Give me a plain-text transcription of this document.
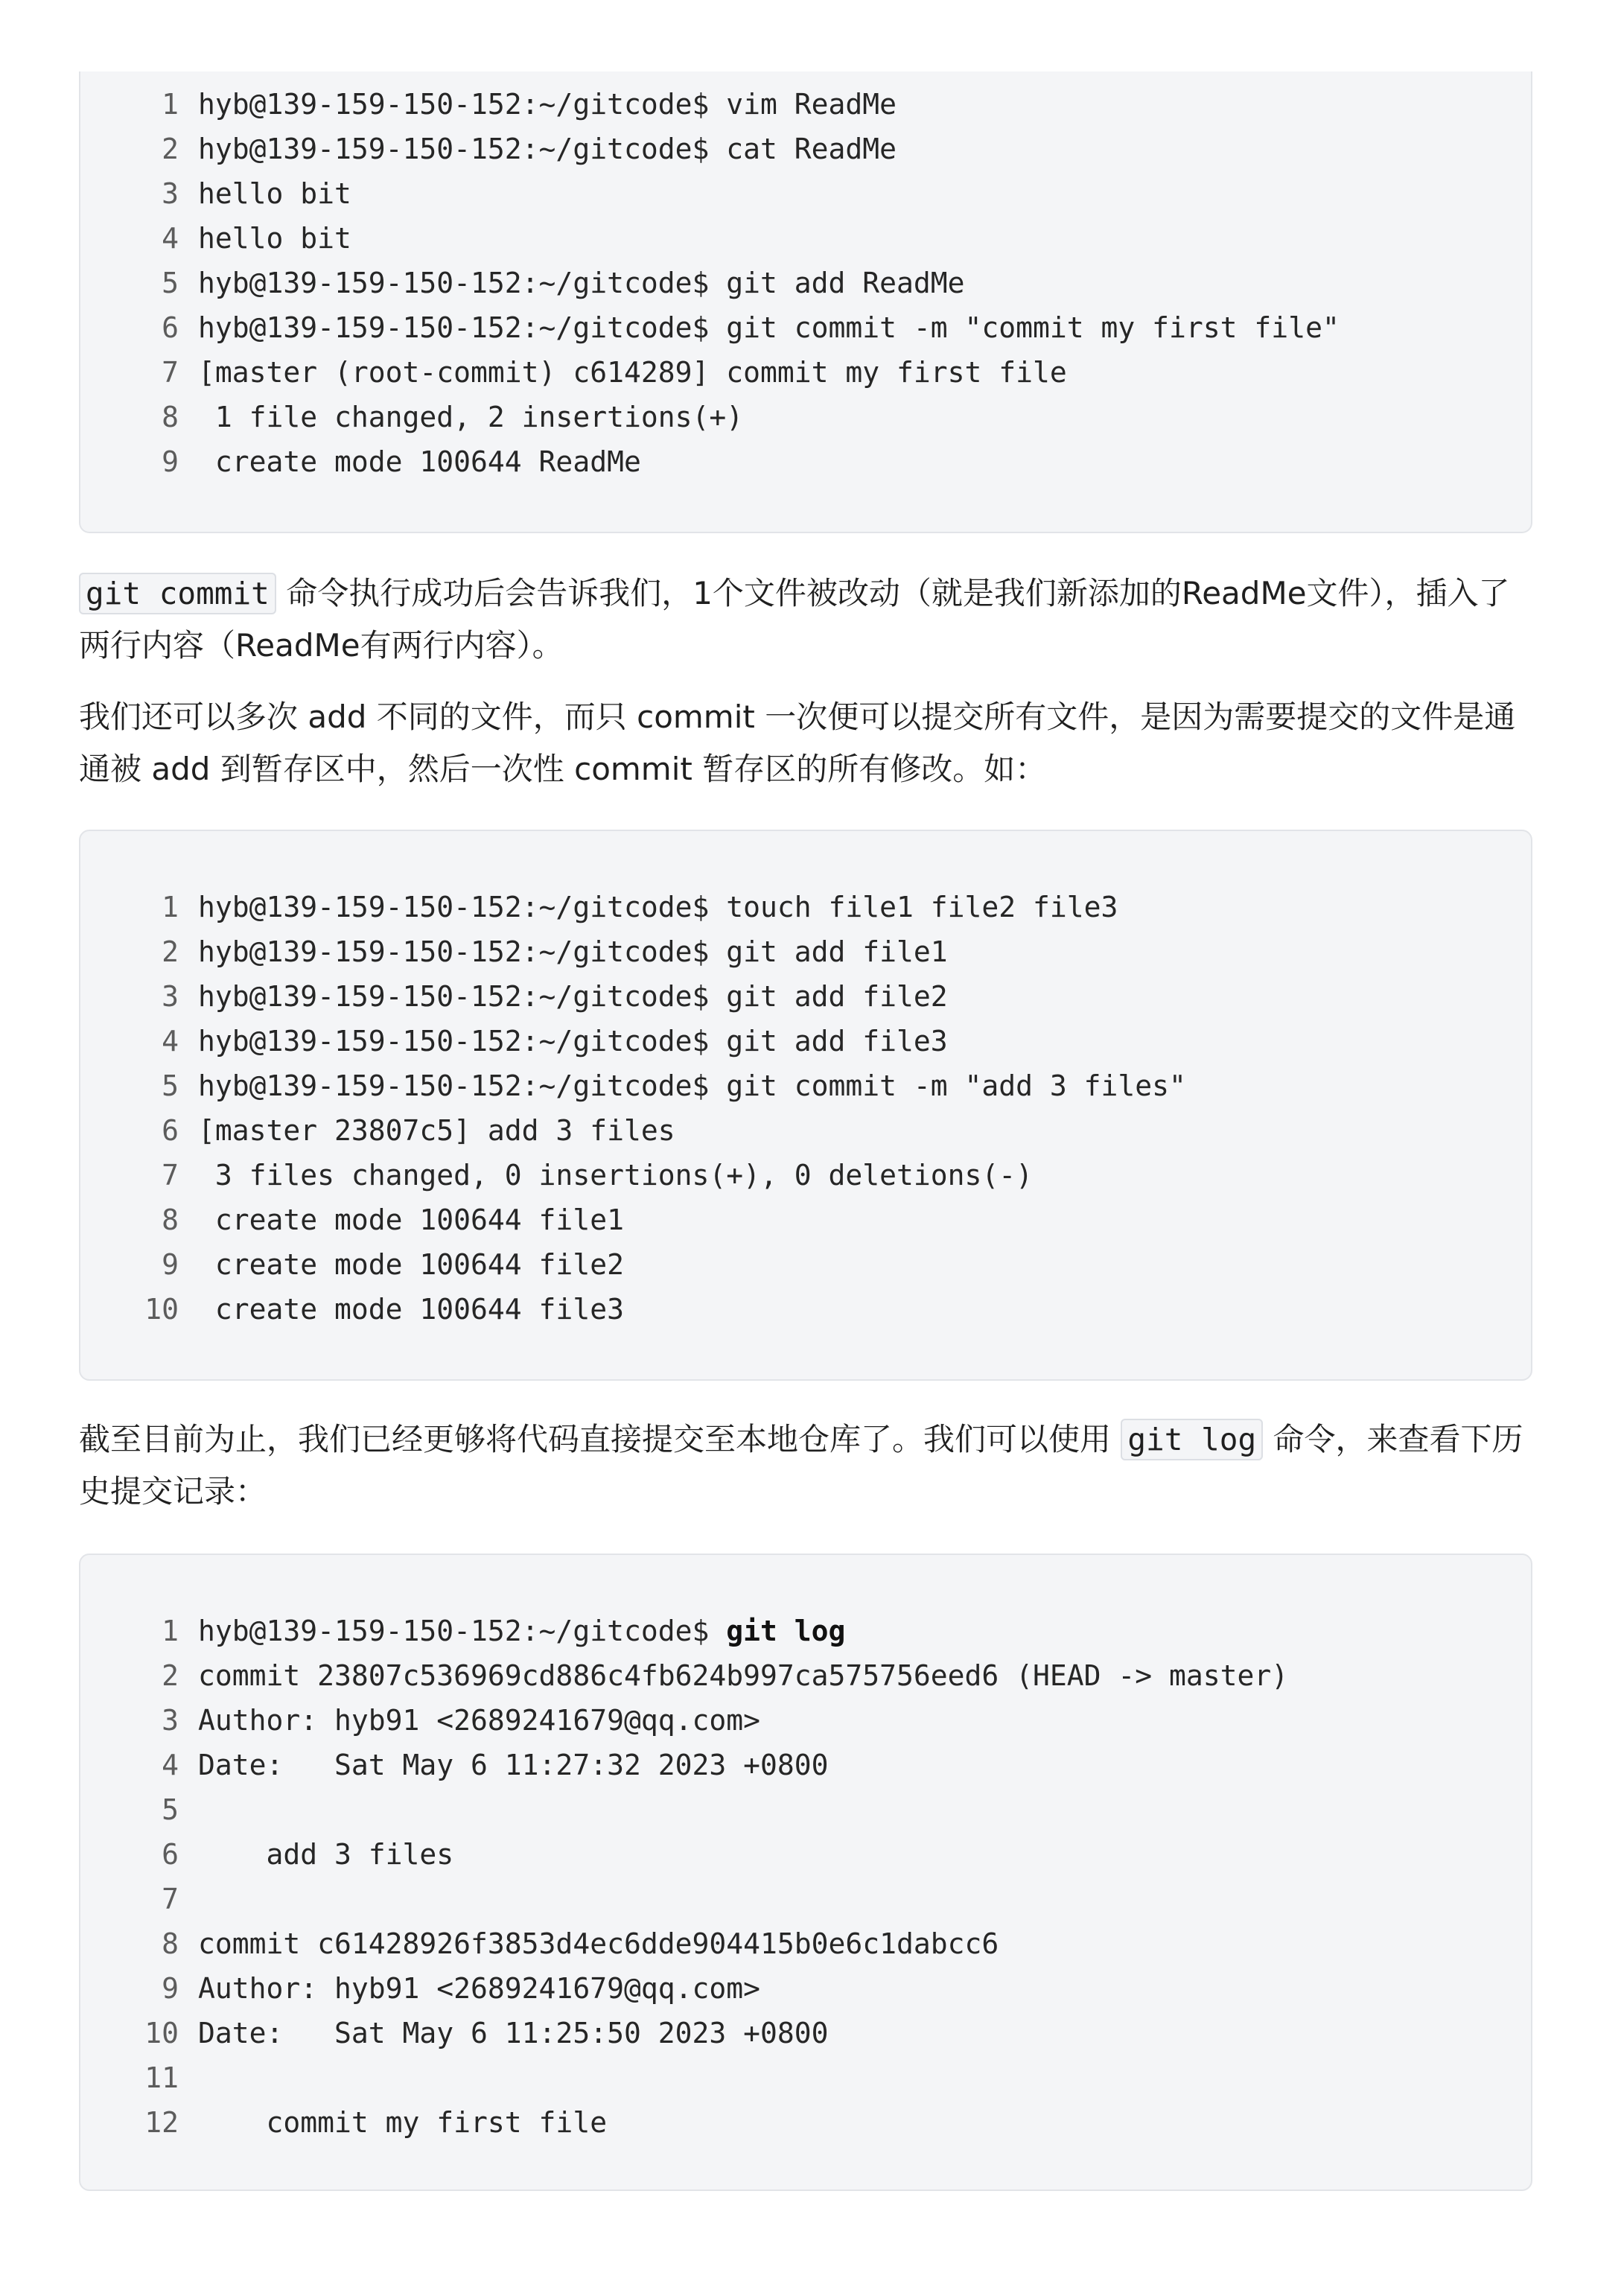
1 hyb@139-159-150-152:~/gitcode$ vim ReadMe
2 hyb@139-159-150-152:~/gitcode$ cat ReadMe
3 hello bit
4 hello bit
5 hyb@139-159-150-152:~/gitcode$ git add ReadMe
6 hyb@139-159-150-152:~/gitcode$ git commit -m "commit my first file"
7 [master (root-commit) c614289] commit my first file
8 1 file changed, 2 insertions(+)
9 create mode 100644 ReadMe

git commit 命令执行成功后会告诉我们，1个文件被改动（就是我们新添加的ReadMe文件），插入了两行内容（ReadMe有两行内容）。

我们还可以多次 add 不同的文件，而只 commit 一次便可以提交所有文件，是因为需要提交的文件是通通被 add 到暂存区中，然后一次性 commit 暂存区的所有修改。如：

1 hyb@139-159-150-152:~/gitcode$ touch file1 file2 file3
2 hyb@139-159-150-152:~/gitcode$ git add file1
3 hyb@139-159-150-152:~/gitcode$ git add file2
4 hyb@139-159-150-152:~/gitcode$ git add file3
5 hyb@139-159-150-152:~/gitcode$ git commit -m "add 3 files"
6 [master 23807c5] add 3 files
7 3 files changed, 0 insertions(+), 0 deletions(-)
8 create mode 100644 file1
9 create mode 100644 file2
10 create mode 100644 file3

截至目前为止，我们已经更够将代码直接提交至本地仓库了。我们可以使用 git log 命令，来查看下历史提交记录：

1 hyb@139-159-150-152:~/gitcode$ git log
2 commit 23807c536969cd886c4fb624b997ca575756eed6 (HEAD -> master)
3 Author: hyb91 <2689241679@qq.com>
4 Date:   Sat May 6 11:27:32 2023 +0800
5
6 add 3 files
7
8 commit c61428926f3853d4ec6dde904415b0e6c1dabcc6
9 Author: hyb91 <2689241679@qq.com>
10 Date:   Sat May 6 11:25:50 2023 +0800
11
12 commit my first file
